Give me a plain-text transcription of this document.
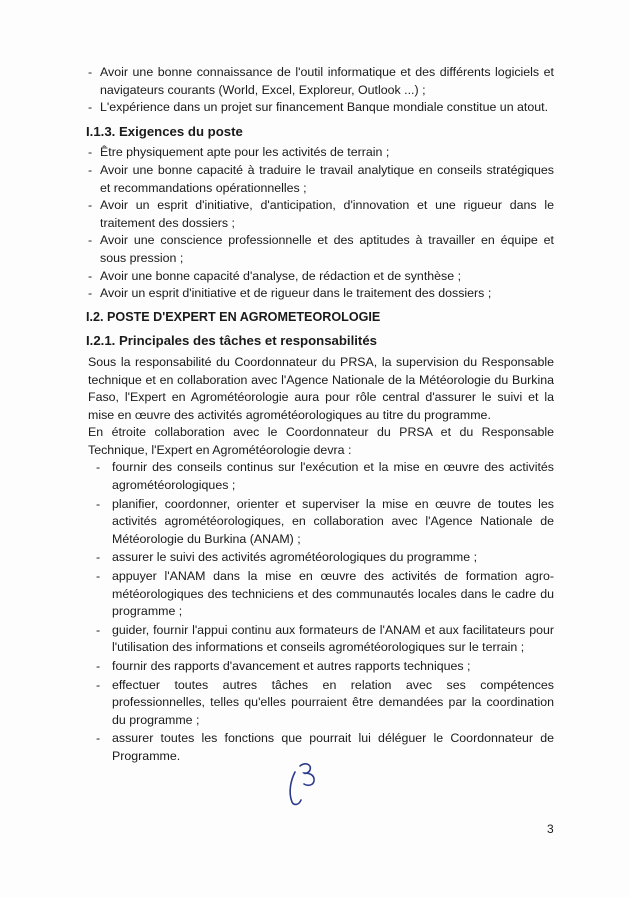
- Avoir une bonne connaissance de l'outil informatique et des différents logiciels et navigateurs courants (World, Excel, Exploreur, Outlook ...) ;
- L'expérience dans un projet sur financement Banque mondiale constitue un atout.
I.1.3. Exigences du poste
- Être physiquement apte pour les activités de terrain ;
- Avoir une bonne capacité à traduire le travail analytique en conseils stratégiques et recommandations opérationnelles ;
- Avoir un esprit d'initiative, d'anticipation, d'innovation et une rigueur dans le traitement des dossiers ;
- Avoir une conscience professionnelle et des aptitudes à travailler en équipe et sous pression ;
- Avoir une bonne capacité d'analyse, de rédaction et de synthèse ;
- Avoir un esprit d'initiative et de rigueur dans le traitement des dossiers ;
I.2. POSTE D'EXPERT EN AGROMETEOROLOGIE
I.2.1. Principales des tâches et responsabilités

Sous la responsabilité du Coordonnateur du PRSA, la supervision du Responsable technique et en collaboration avec l'Agence Nationale de la Météorologie du Burkina Faso, l'Expert en Agrométéorologie aura pour rôle central d'assurer le suivi et la mise en œuvre des activités agrométéorologiques au titre du programme.

En étroite collaboration avec le Coordonnateur du PRSA et du Responsable Technique, l'Expert en Agrométéorologie devra :

- fournir des conseils continus sur l'exécution et la mise en œuvre des activités agrométéorologiques ;
- planifier, coordonner, orienter et superviser la mise en œuvre de toutes les activités agrométéorologiques, en collaboration avec l'Agence Nationale de Météorologie du Burkina (ANAM) ;
- assurer le suivi des activités agrométéorologiques du programme ;
- appuyer l'ANAM dans la mise en œuvre des activités de formation agro-météorologiques des techniciens et des communautés locales dans le cadre du programme ;
- guider, fournir l'appui continu aux formateurs de l'ANAM et aux facilitateurs pour l'utilisation des informations et conseils agrométéorologiques sur le terrain ;
- fournir des rapports d'avancement et autres rapports techniques ;
- effectuer toutes autres tâches en relation avec ses compétences professionnelles, telles qu'elles pourraient être demandées par la coordination du programme ;
- assurer toutes les fonctions que pourrait lui déléguer le Coordonnateur de Programme.
3
